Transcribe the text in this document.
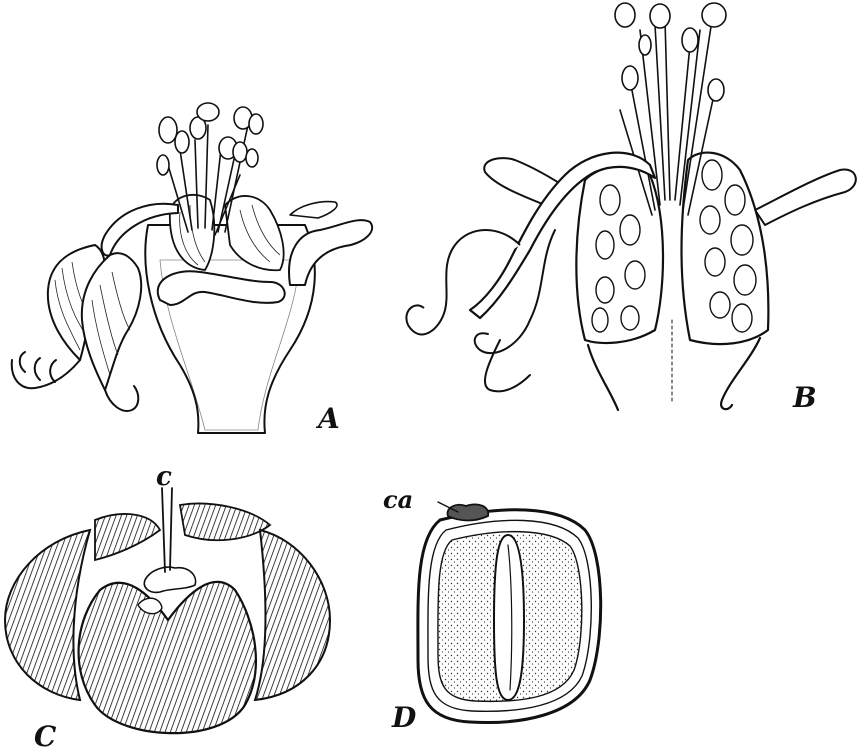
A
B
c
C
ca
D
